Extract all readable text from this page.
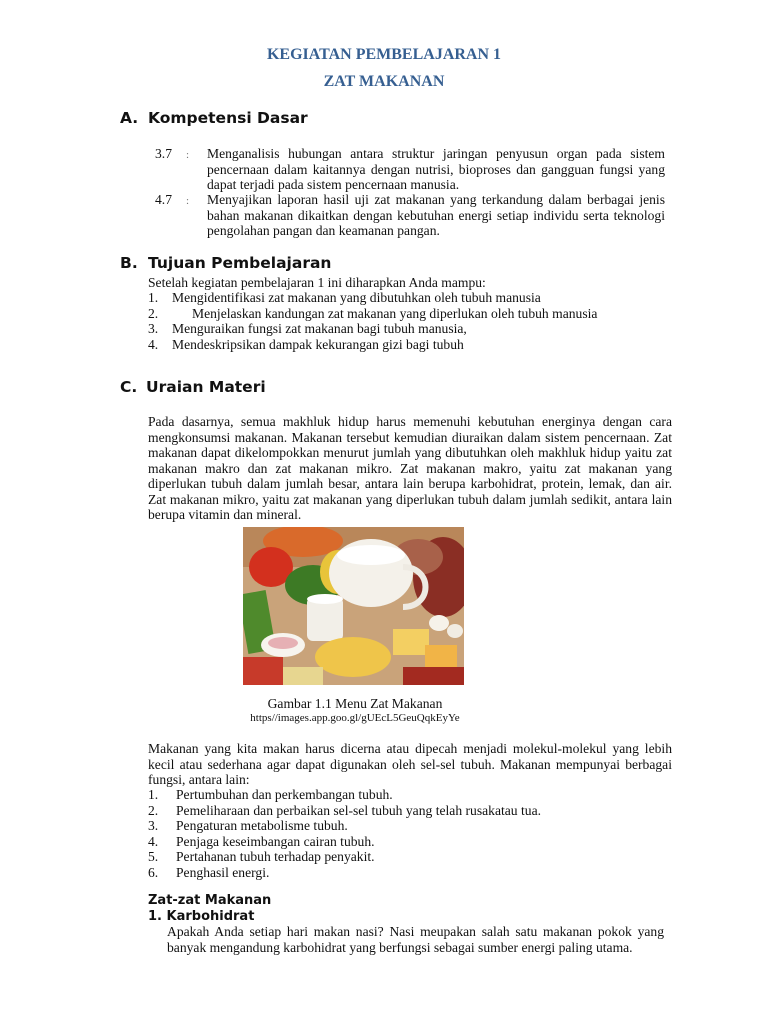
KEGIATAN PEMBELAJARAN 1
ZAT MAKANAN
A. Kompetensi Dasar
3.7	:	Menganalisis hubungan antara struktur jaringan penyusun organ pada sistem pencernaan dalam kaitannya dengan nutrisi, bioproses dan gangguan fungsi yang dapat terjadi pada sistem pencernaan manusia.
4.7	:	Menyajikan laporan hasil uji zat makanan yang terkandung dalam berbagai jenis bahan makanan dikaitkan dengan kebutuhan energi setiap individu serta teknologi pengolahan pangan dan keamanan pangan.
B. Tujuan Pembelajaran
Setelah kegiatan pembelajaran 1 ini diharapkan Anda mampu:
1. Mengidentifikasi zat makanan yang dibutuhkan oleh tubuh manusia
2. Menjelaskan kandungan zat makanan yang diperlukan oleh tubuh manusia
3. Menguraikan fungsi zat makanan bagi tubuh manusia,
4. Mendeskripsikan dampak kekurangan gizi bagi tubuh
C. Uraian Materi
Pada dasarnya, semua makhluk hidup harus memenuhi kebutuhan energinya dengan cara mengkonsumsi makanan. Makanan tersebut kemudian diuraikan dalam sistem pencernaan. Zat makanan dapat dikelompokkan menurut jumlah yang dibutuhkan oleh makhluk hidup yaitu zat makanan makro dan zat makanan mikro. Zat makanan makro, yaitu zat makanan yang diperlukan tubuh dalam jumlah besar, antara lain berupa karbohidrat, protein, lemak, dan air. Zat makanan mikro, yaitu zat makanan yang diperlukan tubuh dalam jumlah sedikit, antara lain berupa vitamin dan mineral.
Gambar 1.1 Menu Zat Makanan
https//images.app.goo.gl/gUEcL5GeuQqkEyYe
Makanan yang kita makan harus dicerna atau dipecah menjadi molekul-molekul yang lebih kecil atau sederhana agar dapat digunakan oleh sel-sel tubuh. Makanan mempunyai berbagai fungsi, antara lain:
1. Pertumbuhan dan perkembangan tubuh.
2. Pemeliharaan dan perbaikan sel-sel tubuh yang telah rusakatau tua.
3. Pengaturan metabolisme tubuh.
4. Penjaga keseimbangan cairan tubuh.
5. Pertahanan tubuh terhadap penyakit.
6. Penghasil energi.
Zat-zat Makanan
1. Karbohidrat
Apakah Anda setiap hari makan nasi? Nasi meupakan salah satu makanan pokok yang banyak mengandung karbohidrat yang berfungsi sebagai sumber energi paling utama.
